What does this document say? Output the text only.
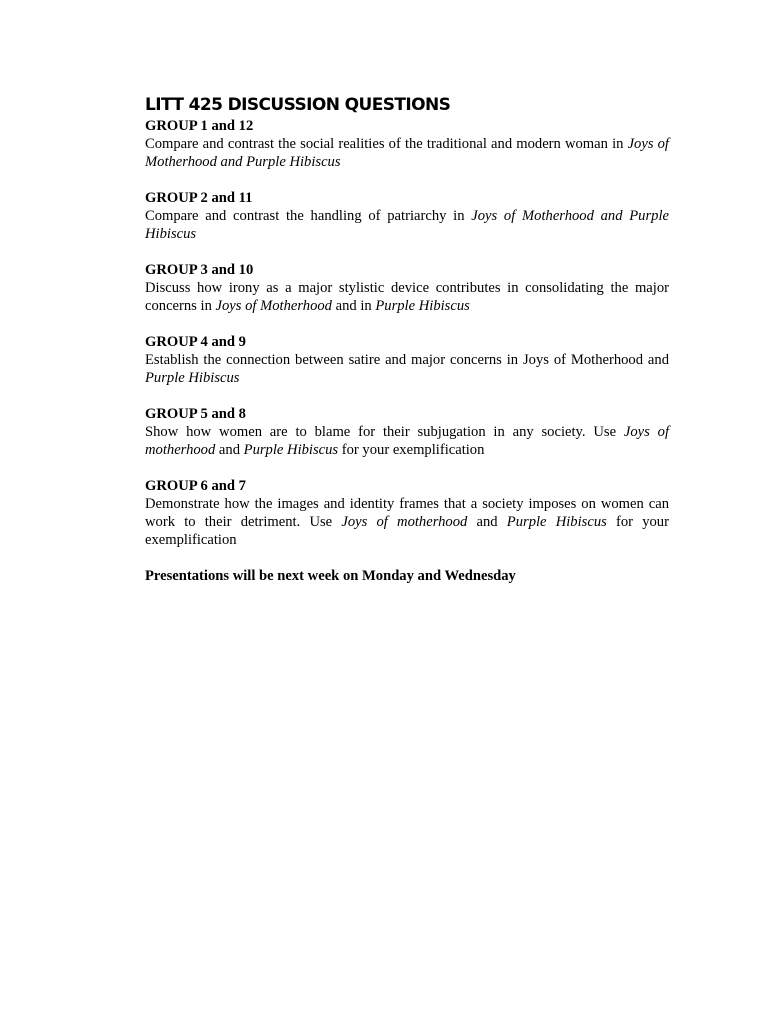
LITT 425 DISCUSSION QUESTIONS

GROUP 1 and 12

Compare and contrast the social realities of the traditional and modern woman in Joys of Motherhood and Purple Hibiscus

GROUP 2 and 11

Compare and contrast the handling of patriarchy in Joys of Motherhood and Purple Hibiscus

GROUP 3 and 10

Discuss how irony as a major stylistic device contributes in consolidating the major concerns in Joys of Motherhood and in Purple Hibiscus

GROUP 4 and 9

Establish the connection between satire and major concerns in Joys of Motherhood and Purple Hibiscus

GROUP 5 and 8

Show how women are to blame for their subjugation in any society. Use Joys of motherhood and Purple Hibiscus for your exemplification

GROUP 6 and 7

Demonstrate how the images and identity frames that a society imposes on women can work to their detriment. Use Joys of motherhood and Purple Hibiscus for your exemplification

Presentations will be next week on Monday and Wednesday
